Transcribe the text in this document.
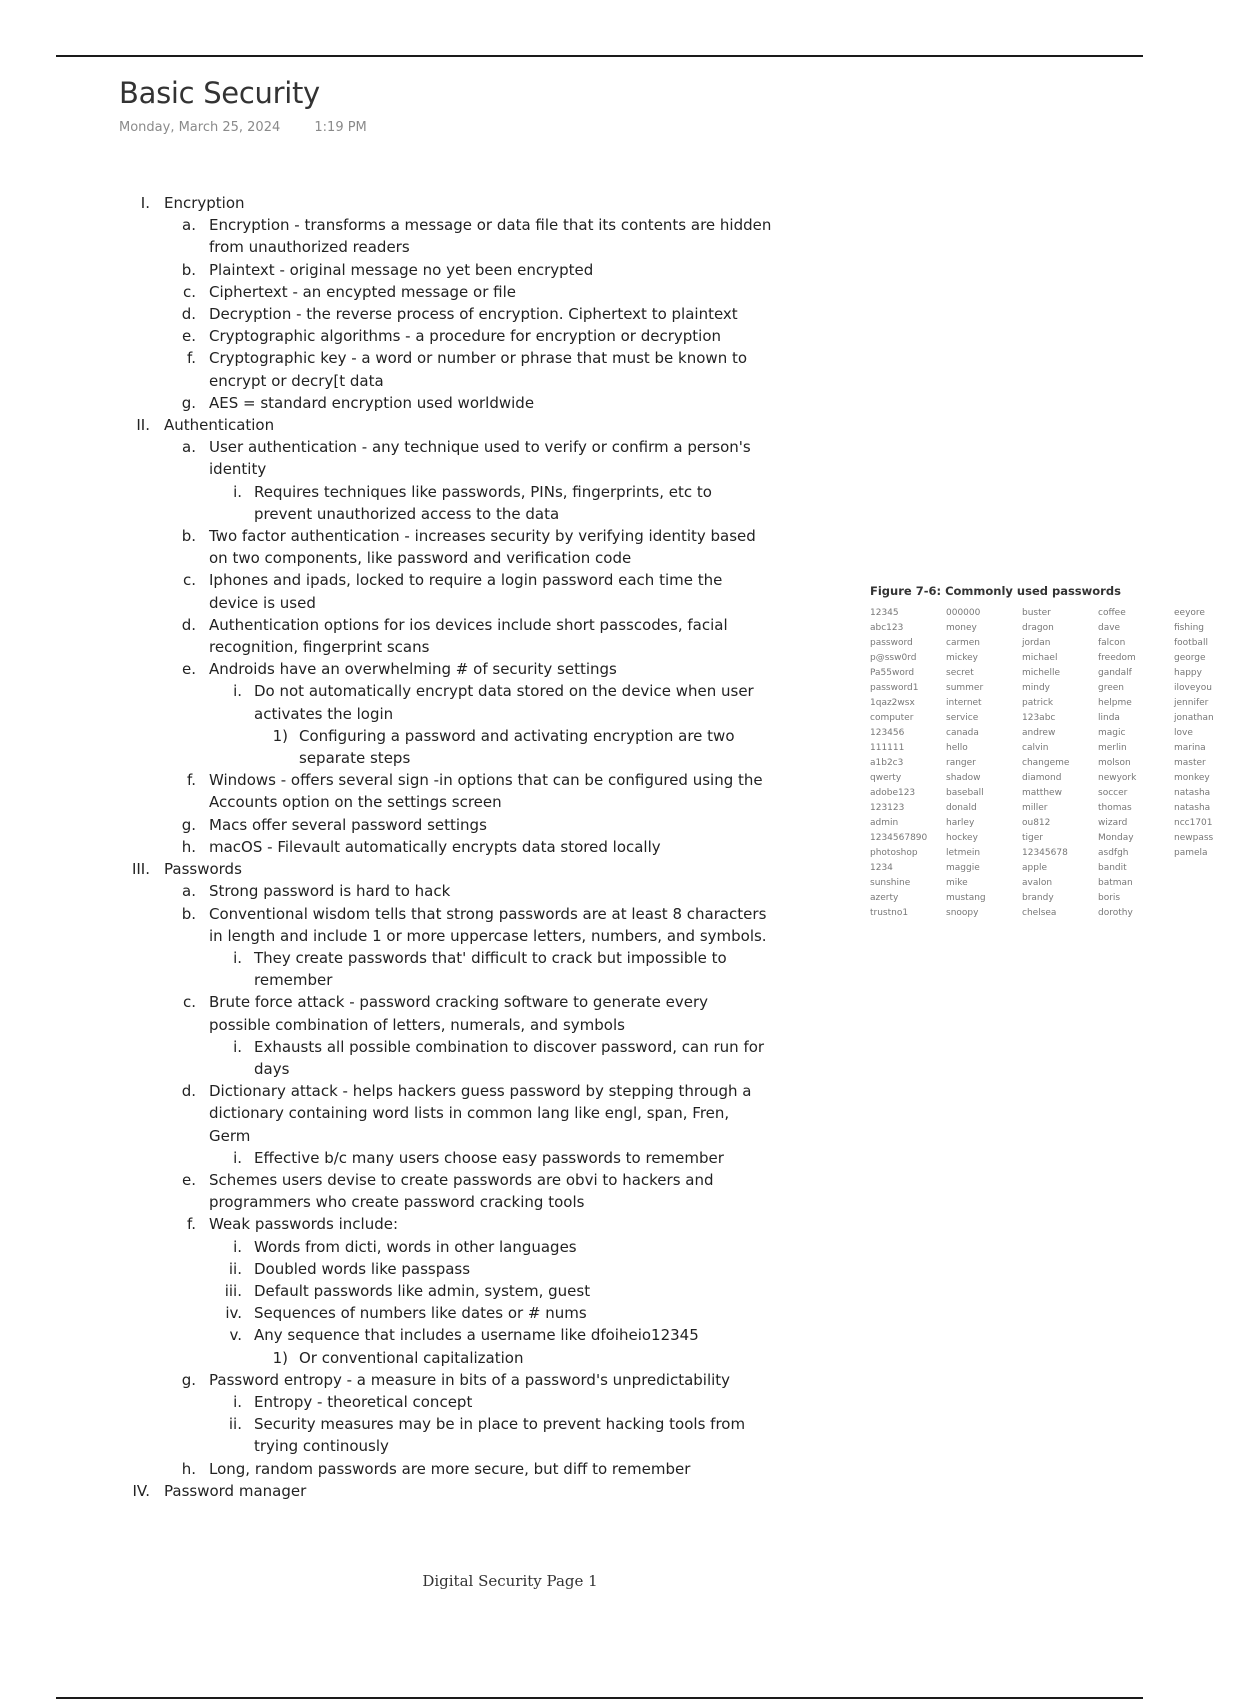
Basic Security
Monday, March 25, 2024	1:19 PM
I. Encryption
a. Encryption - transforms a message or data file that its contents are hidden
from unauthorized readers
b. Plaintext - original message no yet been encrypted
c. Ciphertext - an encypted message or file
d. Decryption - the reverse process of encryption. Ciphertext to plaintext
e. Cryptographic algorithms - a procedure for encryption or decryption
f. Cryptographic key - a word or number or phrase that must be known to
encrypt or decry[t data
g. AES = standard encryption used worldwide
II. Authentication
a. User authentication - any technique used to verify or confirm a person's
identity
i. Requires techniques like passwords, PINs, fingerprints, etc to
prevent unauthorized access to the data
b. Two factor authentication - increases security by verifying identity based
on two components, like password and verification code
c. Iphones and ipads, locked to require a login password each time the
device is used
d. Authentication options for ios devices include short passcodes, facial
recognition, fingerprint scans
e. Androids have an overwhelming # of security settings
i. Do not automatically encrypt data stored on the device when user
activates the login
1) Configuring a password and activating encryption are two
separate steps
f. Windows - offers several sign -in options that can be configured using the
Accounts option on the settings screen
g. Macs offer several password settings
h. macOS - Filevault automatically encrypts data stored locally
III. Passwords
a. Strong password is hard to hack
b. Conventional wisdom tells that strong passwords are at least 8 characters
in length and include 1 or more uppercase letters, numbers, and symbols.
i. They create passwords that' difficult to crack but impossible to
remember
c. Brute force attack - password cracking software to generate every
possible combination of letters, numerals, and symbols
i. Exhausts all possible combination to discover password, can run for
days
d. Dictionary attack - helps hackers guess password by stepping through a
dictionary containing word lists in common lang like engl, span, Fren,
Germ
i. Effective b/c many users choose easy passwords to remember
e. Schemes users devise to create passwords are obvi to hackers and
programmers who create password cracking tools
f. Weak passwords include:
i. Words from dicti, words in other languages
ii. Doubled words like passpass
iii. Default passwords like admin, system, guest
iv. Sequences of numbers like dates or # nums
v. Any sequence that includes a username like dfoiheio12345
1) Or conventional capitalization
g. Password entropy - a measure in bits of a password's unpredictability
i. Entropy - theoretical concept
ii. Security measures may be in place to prevent hacking tools from
trying continously
h. Long, random passwords are more secure, but diff to remember
IV. Password manager
Figure 7-6: Commonly used passwords
12345	000000	buster	coffee	eeyore
abc123	money	dragon	dave	fishing
password	carmen	jordan	falcon	football
p@ssw0rd	mickey	michael	freedom	george
Pa55word	secret	michelle	gandalf	happy
password1	summer	mindy	green	iloveyou
1qaz2wsx	internet	patrick	helpme	jennifer
computer	service	123abc	linda	jonathan
123456	canada	andrew	magic	love
111111	hello	calvin	merlin	marina
a1b2c3	ranger	changeme	molson	master
qwerty	shadow	diamond	newyork	monkey
adobe123	baseball	matthew	soccer	natasha
123123	donald	miller	thomas	natasha
admin	harley	ou812	wizard	ncc1701
1234567890	hockey	tiger	Monday	newpass
photoshop	letmein	12345678	asdfgh	pamela
1234	maggie	apple	bandit
sunshine	mike	avalon	batman
azerty	mustang	brandy	boris
trustno1	snoopy	chelsea	dorothy
Digital Security Page 1
